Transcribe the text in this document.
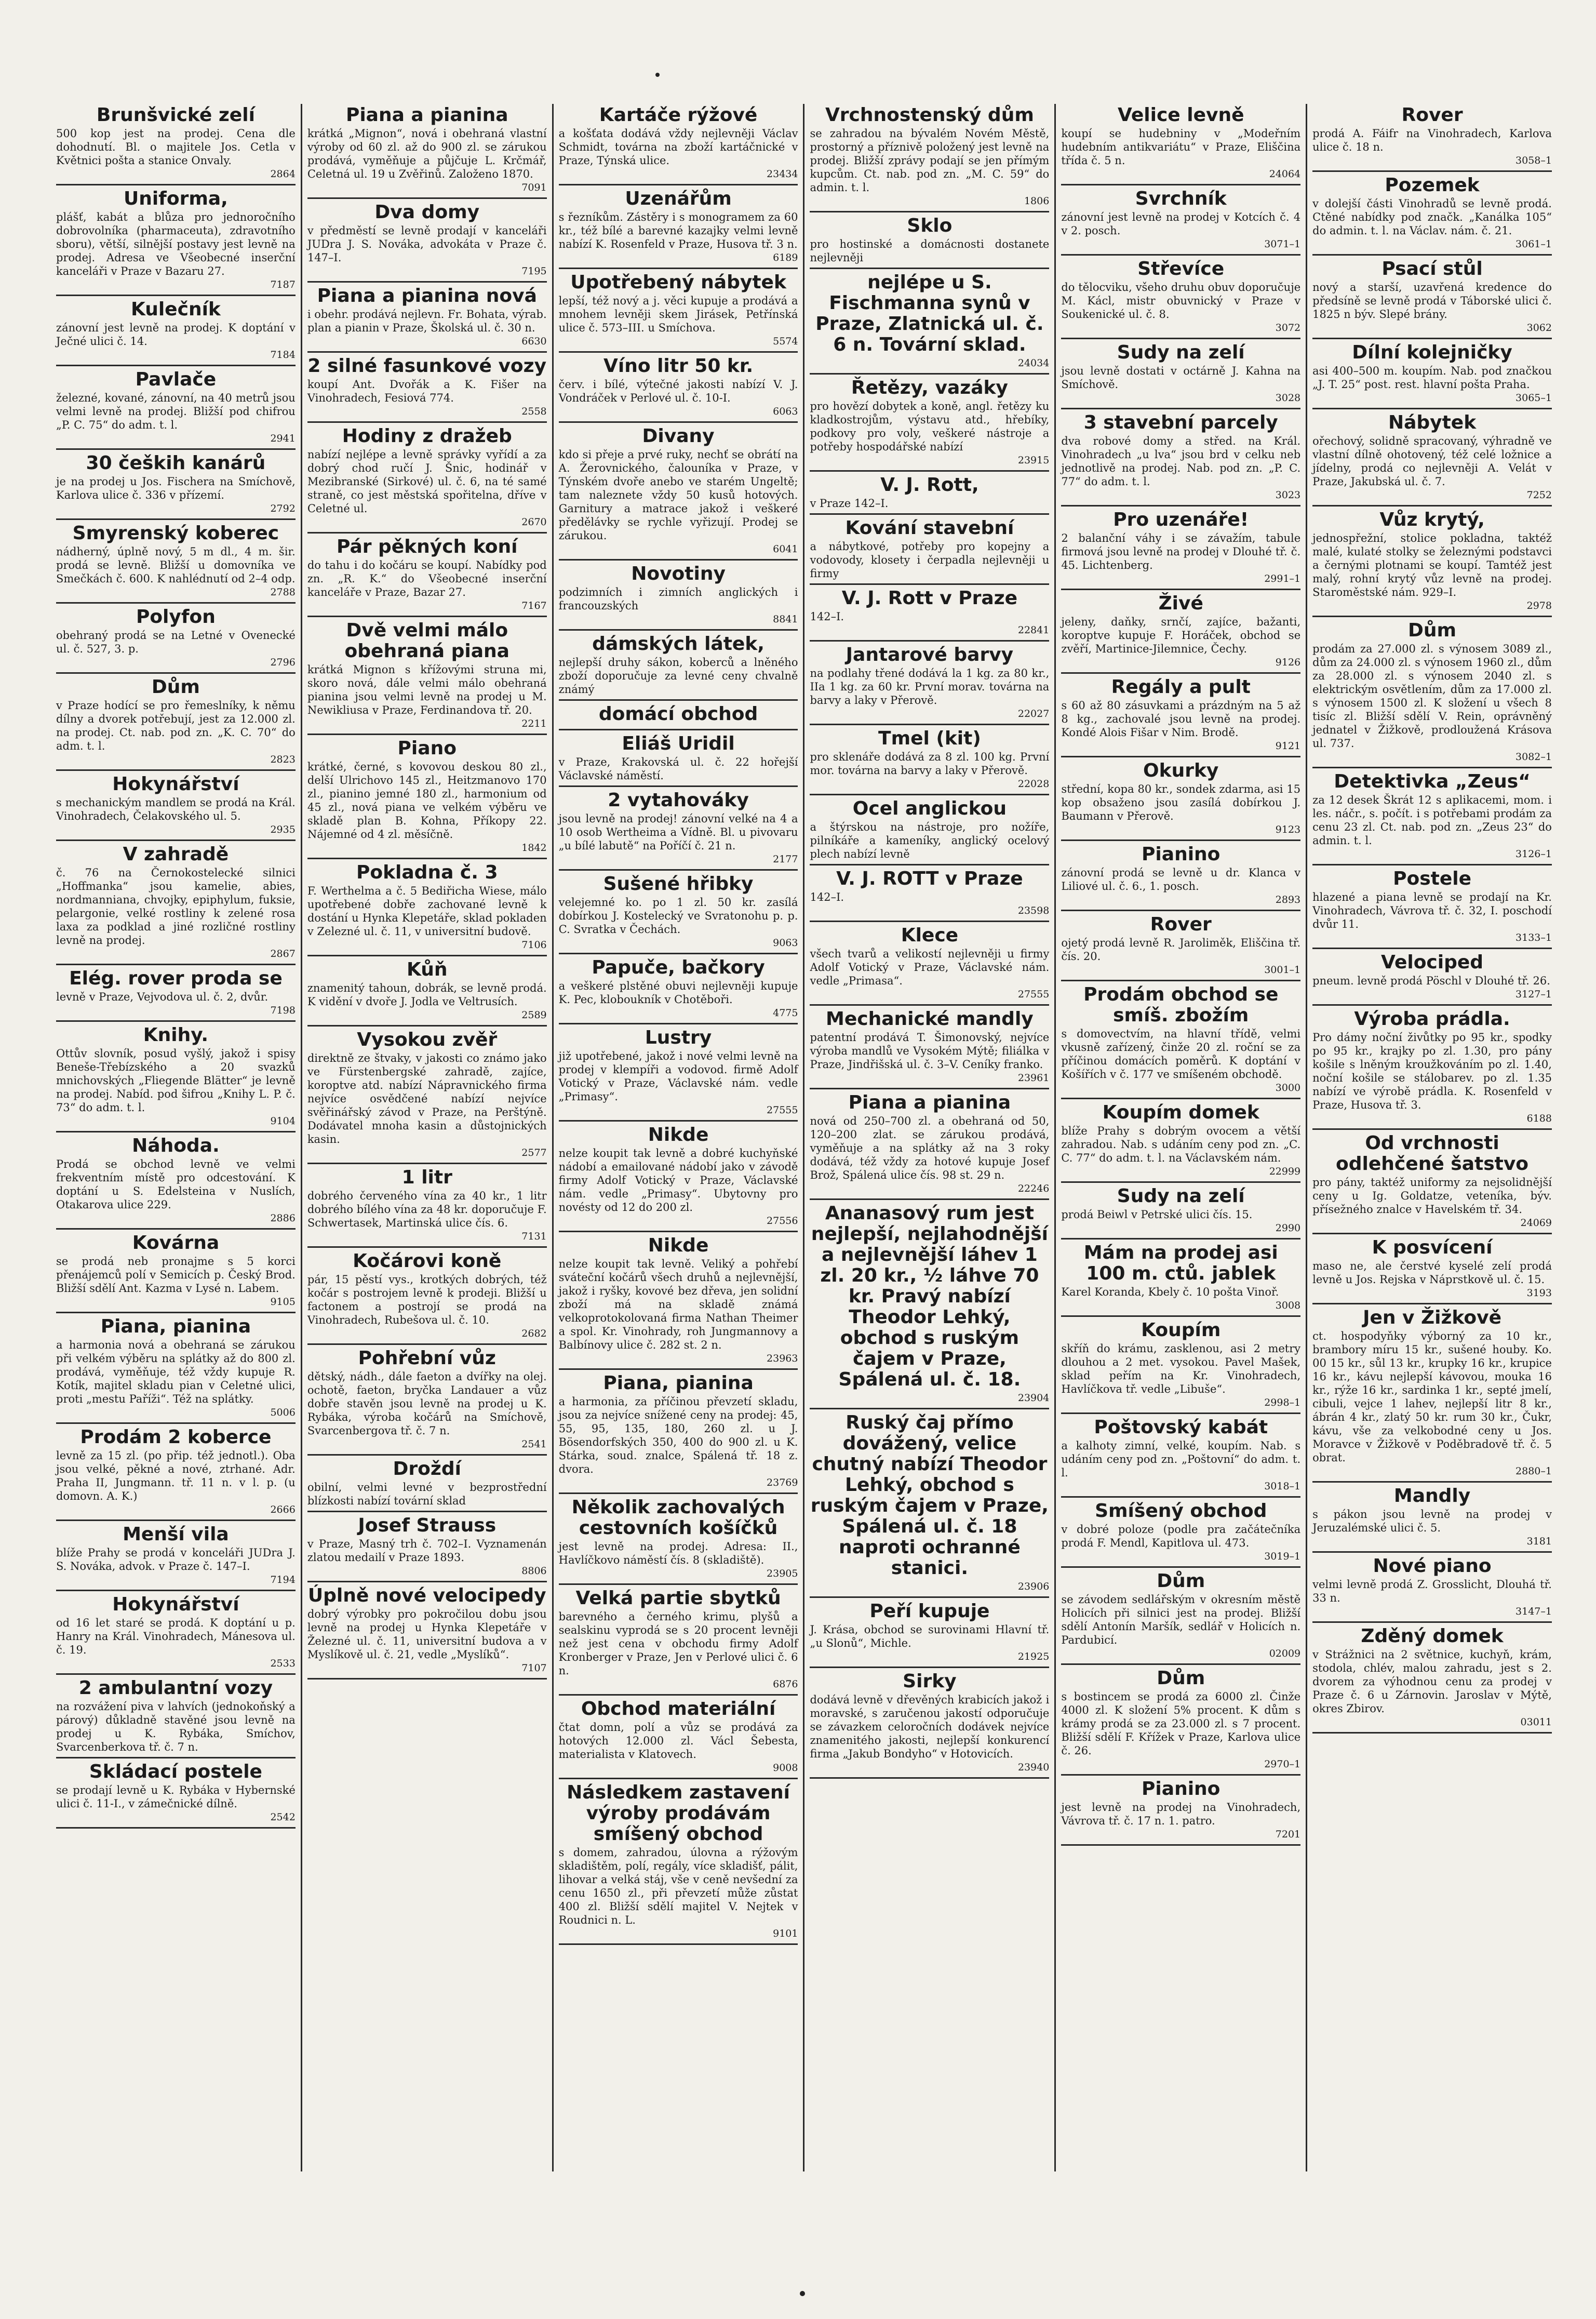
Brunšvické zelí
500 kop jest na prodej. Cena dle dohodnutí. Bl. o majitele Jos. Cetla v Květnici pošta a stanice Onvaly.
2864
Uniforma,
plášť, kabát a blůza pro jednoročního dobrovolníka (pharmaceuta), zdravotního sboru), větší, silnější postavy jest levně na prodej. Adresa ve Všeobecné inserční kanceláři v Praze v Bazaru 27.
7187
Kulečník
zánovní jest levně na prodej. K doptání v Ječné ulici č. 14.
7184
Pavlače
železné, kované, zánovní, na 40 metrů jsou velmi levně na prodej. Bližší pod chifrou „P. C. 75“ do adm. t. l.
2941
30 čeških kanárů
je na prodej u Jos. Fischera na Smíchově, Karlova ulice č. 336 v přízemí.
2792
Smyrenský koberec
nádherný, úplně nový, 5 m dl., 4 m. šir. prodá se levně. Bližší u domovníka ve Smečkách č. 600. K nahlédnutí od 2–4 odp.
2788
Polyfon
obehraný prodá se na Letné v Ovenecké ul. č. 527, 3. p.
2796
Dům
v Praze hodící se pro řemeslníky, k němu dílny a dvorek potřebují, jest za 12.000 zl. na prodej. Ct. nab. pod zn. „K. C. 70“ do adm. t. l.
2823
Hokynářství
s mechanickým mandlem se prodá na Král. Vinohradech, Čelakovského ul. 5.
2935
V zahradě
č. 76 na Černokostelecké silnici „Hoffmanka“ jsou kamelie, abies, nordmanniana, chvojky, epiphylum, fuksie, pelargonie, velké rostliny k zelené rosa laxa za podklad a jiné rozličné rostliny levně na prodej.
2867
Elég. rover proda se
levně v Praze, Vejvodova ul. č. 2, dvůr.
7198
Knihy.
Ottův slovník, posud vyšlý, jakož i spisy Beneše-Třebízského a 20 svazků mnichovských „Fliegende Blätter“ je levně na prodej. Nabíd. pod šifrou „Knihy L. P. č. 73“ do adm. t. l.
9104
Náhoda.
Prodá se obchod levně ve velmi frekventním místě pro odcestování. K doptání u S. Edelsteina v Nuslích, Otakarova ulice 229.
2886
Kovárna
se prodá neb pronajme s 5 korci přenájemců polí v Semicích p. Český Brod. Bližší sdělí Ant. Kazma v Lysé n. Labem.
9105
Piana, pianina
a harmonia nová a obehraná se zárukou při velkém výběru na splátky až do 800 zl. prodává, vyměňuje, též vždy kupuje R. Kotík, majitel skladu pian v Celetné ulici, proti „mestu Paříži“. Též na splátky.
5006
Prodám 2 koberce
levně za 15 zl. (po přip. též jednotl.). Oba jsou velké, pěkné a nové, ztrhané. Adr. Praha II, Jungmann. tř. 11 n. v l. p. (u domovn. A. K.)
2666
Menší vila
blíže Prahy se prodá v konceláři JUDra J. S. Nováka, advok. v Praze č. 147–I.
7194
Hokynářství
od 16 let staré se prodá. K doptání u p. Hanry na Král. Vinohradech, Mánesova ul. č. 19.
2533
2 ambulantní vozy
na rozvážení piva v lahvích (jednokoňský a párový) důkladně stavěné jsou levně na prodej u K. Rybáka, Smíchov, Svarcenberkova tř. č. 7 n.
Skládací postele
se prodají levně u K. Rybáka v Hybernské ulici č. 11-I., v zámečnické dílně.
2542
Piana a pianina
krátká „Mignon“, nová i obehraná vlastní výroby od 60 zl. až do 900 zl. se zárukou prodává, vyměňuje a půjčuje L. Krčmář, Celetná ul. 19 u Zvěřinů. Založeno 1870.
7091
Dva domy
v předměstí se levně prodají v kanceláři JUDra J. S. Nováka, advokáta v Praze č. 147–I.
7195
Piana a pianina nová
i obehr. prodává nejlevn. Fr. Bohata, výrab. plan a pianin v Praze, Školská ul. č. 30 n.
6630
2 silné fasunkové vozy
koupí Ant. Dvořák a K. Fišer na Vinohradech, Fesiová 774.
2558
Hodiny z dražeb
nabízí nejlépe a levně správky vyřídí a za dobrý chod ručí J. Šnic, hodinář v Mezibranské (Sirkové) ul. č. 6, na té samé straně, co jest městská spořitelna, dříve v Celetné ul.
2670
Pár pěkných koní
do tahu i do kočáru se koupí. Nabídky pod zn. „R. K.“ do Všeobecné inserční kanceláře v Praze, Bazar 27.
7167
Dvě velmi málo obehraná piana
krátká Mignon s křížovými struna mi, skoro nová, dále velmi málo obehraná pianina jsou velmi levně na prodej u M. Newikliusa v Praze, Ferdinandova tř. 20.
2211
Piano
krátké, černé, s kovovou deskou 80 zl., delší Ulrichovo 145 zl., Heitzmanovo 170 zl., pianino jemné 180 zl., harmonium od 45 zl., nová piana ve velkém výběru ve skladě plan B. Kohna, Příkopy 22. Nájemné od 4 zl. měsíčně.
1842
Pokladna č. 3
F. Werthelma a č. 5 Bediřicha Wiese, málo upotřebené dobře zachované levně k dostání u Hynka Klepetáře, sklad pokladen v Zelezné ul. č. 11, v universitní budově.
7106
Kůň
znamenitý tahoun, dobrák, se levně prodá. K vidění v dvoře J. Jodla ve Veltrusích.
2589
Vysokou zvěř
direktně ze štvaky, v jakosti co známo jako ve Fürstenbergské zahradě, zajíce, koroptve atd. nabízí Nápravnického firma nejvíce osvědčené nabízí nejvíce svěřinářský závod v Praze, na Perštýně. Dodávatel mnoha kasin a důstojnických kasin.
2577
1 litr
dobrého červeného vína za 40 kr., 1 litr dobrého bílého vína za 48 kr. doporučuje F. Schwertasek, Martinská ulice čís. 6.
7131
Kočárovi koně
pár, 15 pěstí vys., krotkých dobrých, též kočár s postrojem levně k prodeji. Bližší u factonem a postrojí se prodá na Vinohradech, Rubešova ul. č. 10.
2682
Pohřební vůz
dětský, nádh., dále faeton a dvířky na olej. ochotě, faeton, bryčka Landauer a vůz dobře stavěn jsou levně na prodej u K. Rybáka, výroba kočárů na Smíchově, Svarcenbergova tř. č. 7 n.
2541
Droždí
obilní, velmi levné v bezprostřední blízkosti nabízí tovární sklad
Josef Strauss
v Praze, Masný trh č. 702–I. Vyznamenán zlatou medailí v Praze 1893.
8806
Úplně nové velocipedy
dobrý výrobky pro pokročilou dobu jsou levně na prodej u Hynka Klepetáře v Železné ul. č. 11, universitní budova a v Myslíkově ul. č. 21, vedle „Myslíků“.
7107
Kartáče rýžové
a košťata dodává vždy nejlevněji Václav Schmidt, továrna na zboží kartáčnické v Praze, Týnská ulice.
23434
Uzenářům
s řezníkům. Zástěry i s monogramem za 60 kr., též bílé a barevné kazajky velmi levně nabízí K. Rosenfeld v Praze, Husova tř. 3 n.
6189
Upotřebený nábytek
lepší, též nový a j. věci kupuje a prodává a mnohem levněji skem Jirásek, Petřínská ulice č. 573–III. u Smíchova.
5574
Víno litr 50 kr.
červ. i bílé, výtečné jakosti nabízí V. J. Vondráček v Perlové ul. č. 10-I.
6063
Divany
kdo si přeje a prvé ruky, nechť se obrátí na A. Žerovnického, čalouníka v Praze, v Týnském dvoře anebo ve starém Ungeltě; tam naleznete vždy 50 kusů hotových. Garnitury a matrace jakož i veškeré předělávky se rychle vyřizují. Prodej se zárukou.
6041
Novotiny
podzimních i zimních anglických i francouzských
8841
dámských látek,
nejlepší druhy sákon, koberců a lněného zboží doporučuje za levné ceny chvalně známý
domácí obchod
Eliáš Uridil
v Praze, Krakovská ul. č. 22 hořejší Václavské náměstí.
2 vytahováky
jsou levně na prodej! zánovní velké na 4 a 10 osob Wertheima a Vídně. Bl. u pivovaru „u bílé labutě“ na Poříčí č. 21 n.
2177
Sušené hřibky
velejemné ko. po 1 zl. 50 kr. zasílá dobírkou J. Kostelecký ve Svratonohu p. p. C. Svratka v Čechách.
9063
Papuče, bačkory
a veškeré plstěné obuvi nejlevněji kupuje K. Pec, kloboukník v Chotěboři.
4775
Lustry
již upotřebené, jakož i nové velmi levně na prodej v klempíři a vodovod. firmě Adolf Votický v Praze, Václavské nám. vedle „Primasy“.
27555
Nikde
nelze koupit tak levně a dobré kuchyňské nádobí a emailované nádobí jako v závodě firmy Adolf Votický v Praze, Václavské nám. vedle „Primasy“. Ubytovny pro novésty od 12 do 200 zl.
27556
Nikde
nelze koupit tak levně. Veliký a pohřebí sváteční kočárů všech druhů a nejlevnější, jakož i ryšky, kovové bez dřeva, jen solidní zboží má na skladě známá velkoprotokolovaná firma Nathan Theimer a spol. Kr. Vinohrady, roh Jungmannovy a Balbínovy ulice č. 282 st. 2 n.
23963
Piana, pianina
a harmonia, za příčinou převzetí skladu, jsou za nejvíce snížené ceny na prodej: 45, 55, 95, 135, 180, 260 zl. u J. Bösendorfských 350, 400 do 900 zl. u K. Stárka, soud. znalce, Spálená tř. 18 z. dvora.
23769
Několik zachovalých cestovních košíčků
jest levně na prodej. Adresa: II., Havlíčkovo náměstí čís. 8 (skladiště).
23905
Velká partie sbytků
barevného a černého krimu, plyšů a sealskinu vyprodá se s 20 procent levněji než jest cena v obchodu firmy Adolf Kronberger v Praze, Jen v Perlové ulici č. 6 n.
6876
Obchod materiální
čtat domn, polí a vůz se prodává za hotových 12.000 zl. Václ Šebesta, materialista v Klatovech.
9008
Následkem zastavení výroby prodávám smíšený obchod
s domem, zahradou, úlovna a rýžovým skladištěm, polí, regály, více skladišť, pálit, lihovar a velká stáj, vše v ceně nevšední za cenu 1650 zl., při převzetí může zůstat 400 zl. Bližší sdělí majitel V. Nejtek v Roudnici n. L.
9101
Vrchnostenský dům
se zahradou na bývalém Novém Městě, prostorný a příznivě položený jest levně na prodej. Bližší zprávy podají se jen přímým kupcům. Ct. nab. pod zn. „M. C. 59“ do admin. t. l.
1806
Sklo
pro hostinské a domácnosti dostanete nejlevněji
nejlépe u S. Fischmanna synů v Praze, Zlatnická ul. č. 6 n. Tovární sklad.
24034
Řetězy, vazáky
pro hovězí dobytek a koně, angl. řetězy ku kladkostrojům, výstavu atd., hřebíky, podkovy pro voly, veškeré nástroje a potřeby hospodářské nabízí
23915
V. J. Rott,
v Praze 142–I.
Kování stavební
a nábytkové, potřeby pro kopejny a vodovody, klosety i čerpadla nejlevněji u firmy
V. J. Rott v Praze
142–I.
22841
Jantarové barvy
na podlahy třené dodává la 1 kg. za 80 kr., IIa 1 kg. za 60 kr. První morav. továrna na barvy a laky v Přerově.
22027
Tmel (kit)
pro sklenáře dodává za 8 zl. 100 kg. První mor. továrna na barvy a laky v Přerově.
22028
Ocel anglickou
a štýrskou na nástroje, pro nožíře, pilníkáře a kameníky, anglický ocelový plech nabízí levně
V. J. ROTT v Praze
142–I.
23598
Klece
všech tvarů a velikostí nejlevněji u firmy Adolf Votický v Praze, Václavské nám. vedle „Primasa“.
27555
Mechanické mandly
patentní prodává T. Šimonovský, nejvíce výroba mandlů ve Vysokém Mýtě; filiálka v Praze, Jindřišská ul. č. 3–V. Ceníky franko.
23961
Piana a pianina
nová od 250–700 zl. a obehraná od 50, 120–200 zlat. se zárukou prodává, vyměňuje a na splátky až na 3 roky dodává, též vždy za hotové kupuje Josef Brož, Spálená ulice čís. 98 st. 29 n.
22246
Ananasový rum jest nejlepší, nejlahodnější a nejlevnější láhev 1 zl. 20 kr., ½ láhve 70 kr. Pravý nabízí Theodor Lehký, obchod s ruským čajem v Praze, Spálená ul. č. 18.
23904
Ruský čaj přímo dovážený, velice chutný nabízí Theodor Lehký, obchod s ruským čajem v Praze, Spálená ul. č. 18 naproti ochranné stanici.
23906
Peří kupuje
J. Krása, obchod se surovinami Hlavní tř. „u Slonů“, Michle.
21925
Sirky
dodává levně v dřevěných krabicích jakož i moravské, s zaručenou jakostí odporučuje se závazkem celoročních dodávek nejvíce znamenitého jakosti, nejlepší konkurencí firma „Jakub Bondyho“ v Hotovicích.
23940
Velice levně
koupí se hudebniny v „Modeřním hudebním antikvariátu“ v Praze, Eliščina třída č. 5 n.
24064
Svrchník
zánovní jest levně na prodej v Kotcích č. 4 v 2. posch.
3071–1
Střevíce
do tělocviku, všeho druhu obuv doporučuje M. Kácl, mistr obuvnický v Praze v Soukenické ul. č. 8.
3072
Sudy na zelí
jsou levně dostati v octárně J. Kahna na Smíchově.
3028
3 stavební parcely
dva robové domy a střed. na Král. Vinohradech „u lva“ jsou brd v celku neb jednotlivě na prodej. Nab. pod zn. „P. C. 77“ do adm. t. l.
3023
Pro uzenáře!
2 balanční váhy i se závažím, tabule firmová jsou levně na prodej v Dlouhé tř. č. 45. Lichtenberg.
2991–1
Živé
jeleny, daňky, srnčí, zajíce, bažanti, koroptve kupuje F. Horáček, obchod se zvěří, Martinice-Jilemnice, Čechy.
9126
Regály a pult
s 60 až 80 zásuvkami a prázdným na 5 až 8 kg., zachovalé jsou levně na prodej. Kondé Alois Fišar v Nim. Brodě.
9121
Okurky
střední, kopa 80 kr., sondek zdarma, asi 15 kop obsaženo jsou zasílá dobírkou J. Baumann v Přerově.
9123
Pianino
zánovní prodá se levně u dr. Klanca v Liliové ul. č. 6., 1. posch.
2893
Rover
ojetý prodá levně R. Jaroliměk, Eliščina tř. čís. 20.
3001–1
Prodám obchod se smíš. zbožím
s domovectvím, na hlavní třídě, velmi vkusně zařízený, činže 20 zl. roční se za příčinou domácích poměrů. K doptání v Košířích v č. 177 ve smíšeném obchodě.
3000
Koupím domek
blíže Prahy s dobrým ovocem a větší zahradou. Nab. s udáním ceny pod zn. „C. C. 77“ do adm. t. l. na Václavském nám.
22999
Sudy na zelí
prodá Beiwl v Petrské ulici čís. 15.
2990
Mám na prodej asi 100 m. ctů. jablek
Karel Koranda, Kbely č. 10 pošta Vinoř.
3008
Koupím
skříň do krámu, zasklenou, asi 2 metry dlouhou a 2 met. vysokou. Pavel Mašek, sklad peřím na Kr. Vinohradech, Havlíčkova tř. vedle „Libuše“.
2998–1
Poštovský kabát
a kalhoty zimní, velké, koupím. Nab. s udáním ceny pod zn. „Poštovní“ do adm. t. l.
3018–1
Smíšený obchod
v dobré poloze (podle pra začátečníka prodá F. Mendl, Kapitlova ul. 473.
3019–1
Dům
se závodem sedlářským v okresním městě Holicích při silnici jest na prodej. Bližší sdělí Antonín Maršík, sedlář v Holicích n. Pardubicí.
02009
Dům
s bostincem se prodá za 6000 zl. Činže 4000 zl. K složení 5% procent. K dům s krámy prodá se za 23.000 zl. s 7 procent. Bližší sdělí F. Křížek v Praze, Karlova ulice č. 26.
2970–1
Pianino
jest levně na prodej na Vinohradech, Vávrova tř. č. 17 n. 1. patro.
7201
Rover
prodá A. Fáifr na Vinohradech, Karlova ulice č. 18 n.
3058–1
Pozemek
v dolejší části Vinohradů se levně prodá. Ctěné nabídky pod značk. „Kanálka 105“ do admin. t. l. na Václav. nám. č. 21.
3061–1
Psací stůl
nový a starší, uzavřená kredence do předsíně se levně prodá v Táborské ulici č. 1825 n býv. Slepé brány.
3062
Dílní kolejničky
asi 400–500 m. koupím. Nab. pod značkou „J. T. 25“ post. rest. hlavní pošta Praha.
3065–1
Nábytek
ořechový, solidně spracovaný, výhradně ve vlastní dílně ohotovený, též celé ložnice a jídelny, prodá co nejlevněji A. Velát v Praze, Jakubská ul. č. 7.
7252
Vůz krytý,
jednospřežní, stolice pokladna, taktéž malé, kulaté stolky se železnými podstavci a černými plotnami se koupí. Tamtéž jest malý, rohní krytý vůz levně na prodej. Staroměstské nám. 929–I.
2978
Dům
prodám za 27.000 zl. s výnosem 3089 zl., dům za 24.000 zl. s výnosem 1960 zl., dům za 28.000 zl. s výnosem 2040 zl. s elektrickým osvětlením, dům za 17.000 zl. s výnosem 1500 zl. K složení u všech 8 tisíc zl. Bližší sdělí V. Rein, oprávněný jednatel v Žižkově, prodloužená Krásova ul. 737.
3082–1
Detektivka „Zeus“
za 12 desek Škrát 12 s aplikacemi, mom. i les. náčr., s. počít. i s potřebami prodám za cenu 23 zl. Ct. nab. pod zn. „Zeus 23“ do admin. t. l.
3126–1
Postele
hlazené a piana levně se prodají na Kr. Vinohradech, Vávrova tř. č. 32, I. poschodí dvůr 11.
3133–1
Velociped
pneum. levně prodá Pöschl v Dlouhé tř. 26.
3127–1
Výroba prádla.
Pro dámy noční živůtky po 95 kr., spodky po 95 kr., krajky po zl. 1.30, pro pány košile s lněným kroužkováním po zl. 1.40, noční košile se stálobarev. po zl. 1.35 nabízí ve výrobě prádla. K. Rosenfeld v Praze, Husova tř. 3.
6188
Od vrchnosti odlehčené šatstvo
pro pány, taktéž uniformy za nejsolidnější ceny u Ig. Goldatze, veteníka, býv. přísežného znalce v Havelském tř. 34.
24069
K posvícení
maso ne, ale čerstvé kyselé zelí prodá levně u Jos. Rejska v Náprstkově ul. č. 15.
3193
Jen v Žižkově
ct. hospodyňky výborný za 10 kr., brambory míru 15 kr., sušené houby. Ko. 00 15 kr., sůl 13 kr., krupky 16 kr., krupice 16 kr., kávu nejlepší kávovou, mouka 16 kr., rýže 16 kr., sardinka 1 kr., septé jmelí, cibuli, vejce 1 lahev, nejlepší litr 8 kr., ábrán 4 kr., zlatý 50 kr. rum 30 kr., Čukr, kávu, vše za velkobodné ceny u Jos. Moravce v Žižkově v Poděbradově tř. č. 5 obrat.
2880–1
Mandly
s pákon jsou levně na prodej v Jeruzalémské ulici č. 5.
3181
Nové piano
velmi levně prodá Z. Grosslicht, Dlouhá tř. 33 n.
3147–1
Zděný domek
v Strážnici na 2 světnice, kuchyň, krám, stodola, chlév, malou zahradu, jest s 2. dvorem za výhodnou cenu za prodej v Praze č. 6 u Zárnovin. Jaroslav v Mýtě, okres Zbirov.
03011
